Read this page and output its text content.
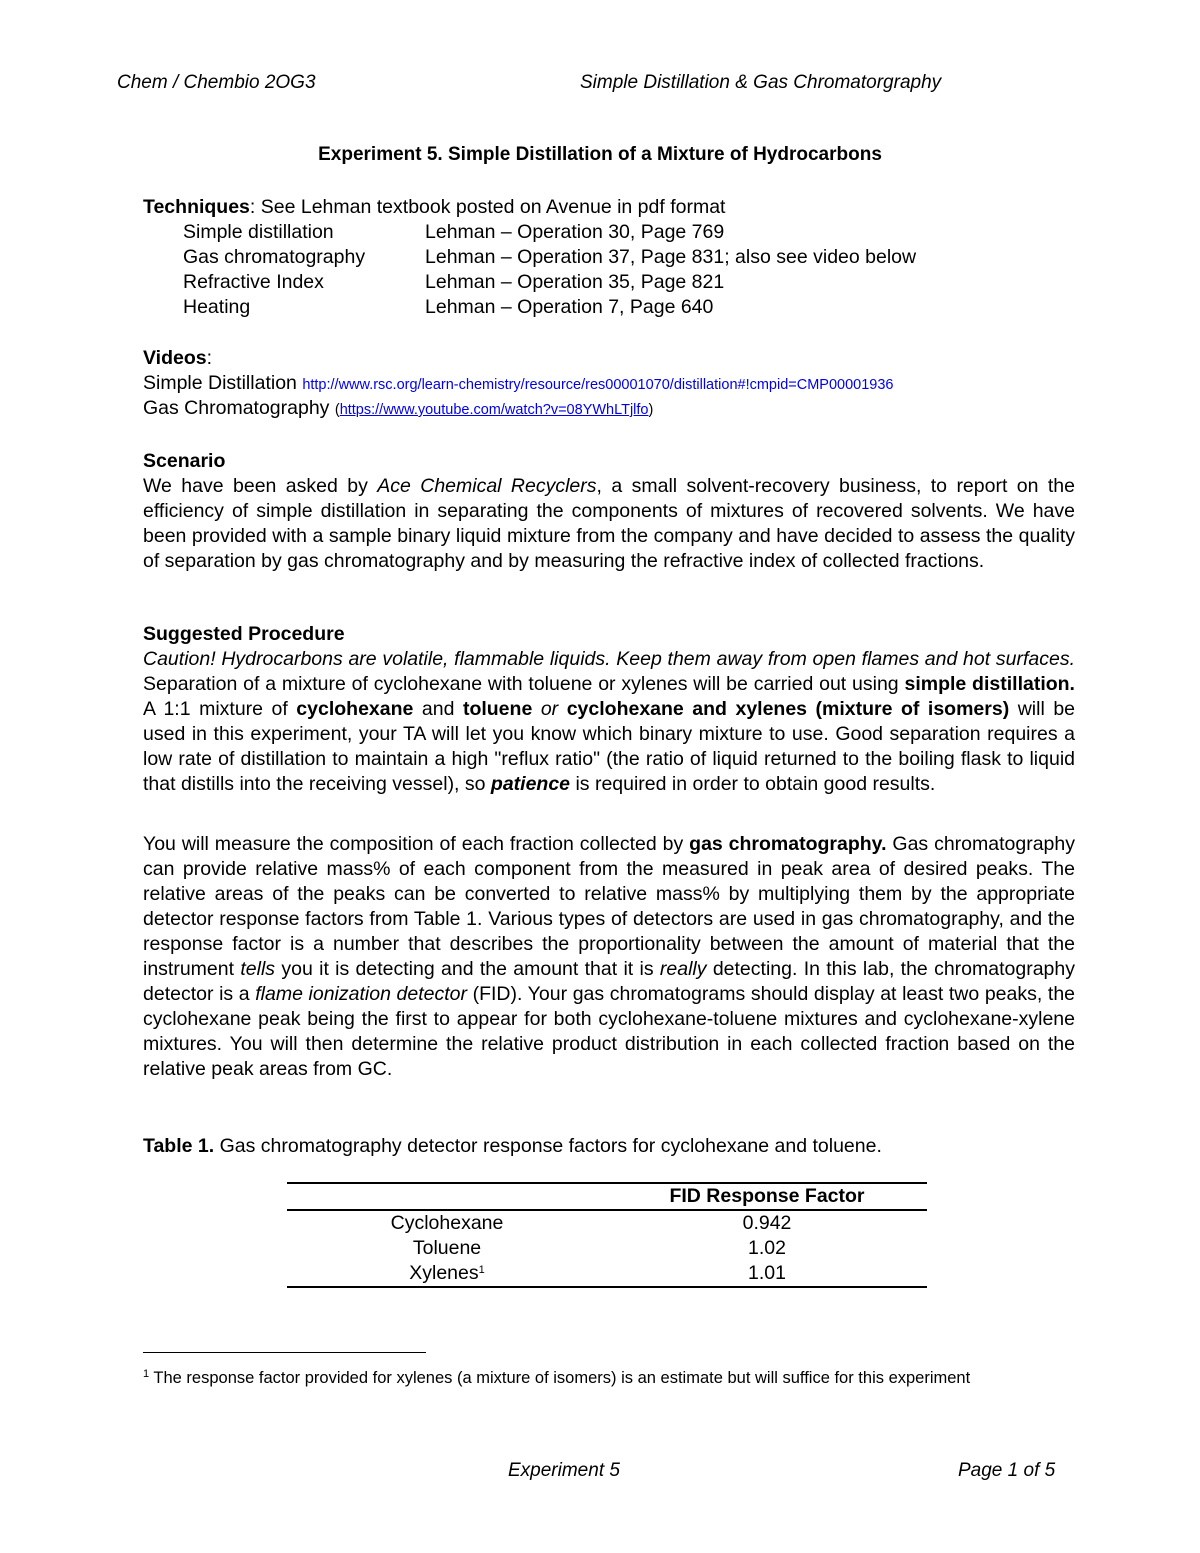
Chem / Chembio 2OG3	Simple Distillation & Gas Chromatorgraphy
Experiment 5. Simple Distillation of a Mixture of Hydrocarbons
Techniques: See Lehman textbook posted on Avenue in pdf format
Simple distillation	Lehman – Operation 30, Page 769
Gas chromatography	Lehman – Operation 37, Page 831; also see video below
Refractive Index	Lehman – Operation 35, Page 821
Heating	Lehman – Operation 7, Page 640
Videos:
Simple Distillation http://www.rsc.org/learn-chemistry/resource/res00001070/distillation#!cmpid=CMP00001936
Gas Chromatography (https://www.youtube.com/watch?v=08YWhLTjlfo)
Scenario
We have been asked by Ace Chemical Recyclers, a small solvent-recovery business, to report on the efficiency of simple distillation in separating the components of mixtures of recovered solvents. We have been provided with a sample binary liquid mixture from the company and have decided to assess the quality of separation by gas chromatography and by measuring the refractive index of collected fractions.
Suggested Procedure
Caution! Hydrocarbons are volatile, flammable liquids. Keep them away from open flames and hot surfaces. Separation of a mixture of cyclohexane with toluene or xylenes will be carried out using simple distillation. A 1:1 mixture of cyclohexane and toluene or cyclohexane and xylenes (mixture of isomers) will be used in this experiment, your TA will let you know which binary mixture to use. Good separation requires a low rate of distillation to maintain a high "reflux ratio" (the ratio of liquid returned to the boiling flask to liquid that distills into the receiving vessel), so patience is required in order to obtain good results.
You will measure the composition of each fraction collected by gas chromatography. Gas chromatography can provide relative mass% of each component from the measured in peak area of desired peaks. The relative areas of the peaks can be converted to relative mass% by multiplying them by the appropriate detector response factors from Table 1. Various types of detectors are used in gas chromatography, and the response factor is a number that describes the proportionality between the amount of material that the instrument tells you it is detecting and the amount that it is really detecting. In this lab, the chromatography detector is a flame ionization detector (FID). Your gas chromatograms should display at least two peaks, the cyclohexane peak being the first to appear for both cyclohexane-toluene mixtures and cyclohexane-xylene mixtures. You will then determine the relative product distribution in each collected fraction based on the relative peak areas from GC.
Table 1. Gas chromatography detector response factors for cyclohexane and toluene.
	FID Response Factor
Cyclohexane	0.942
Toluene	1.02
Xylenes$^1$	1.01
$^1$ The response factor provided for xylenes (a mixture of isomers) is an estimate but will suffice for this experiment
Experiment 5	Page 1 of 5
